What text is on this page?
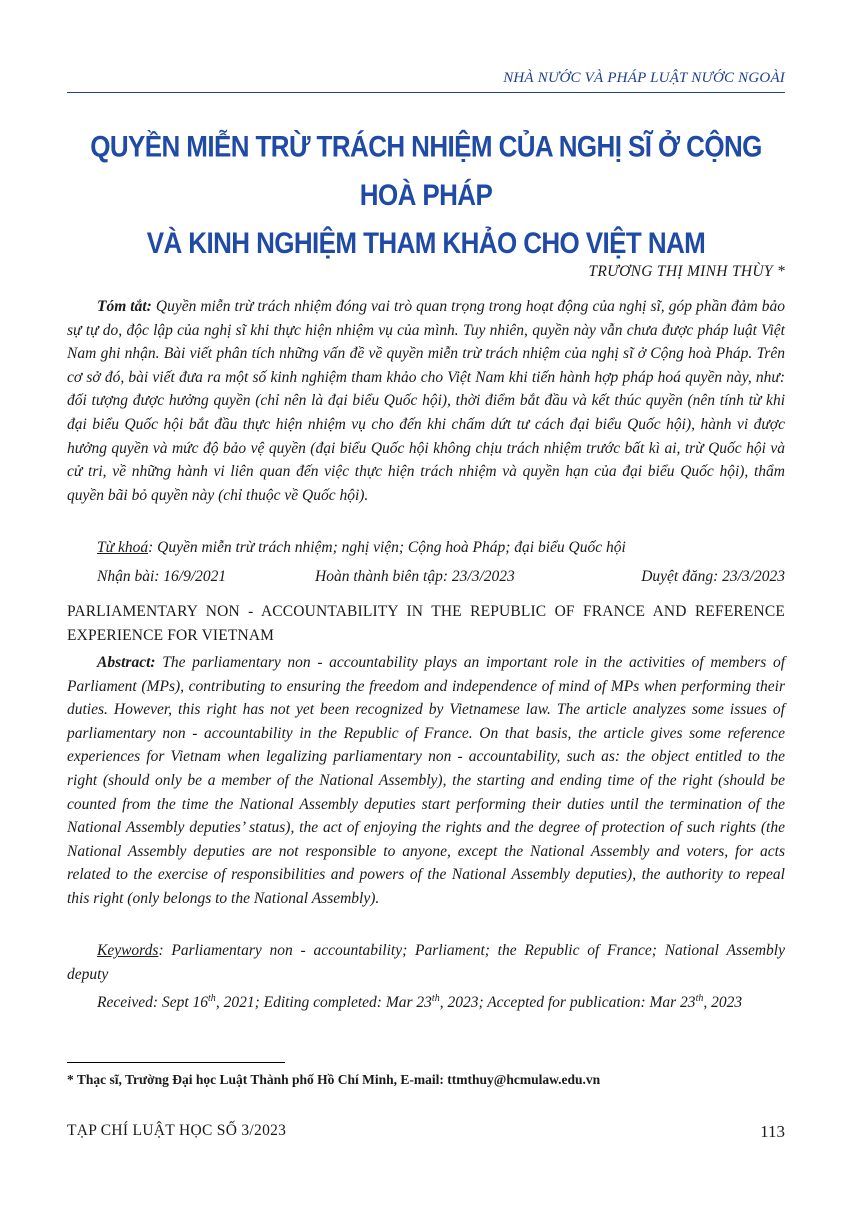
NHÀ NƯỚC VÀ PHÁP LUẬT NƯỚC NGOÀI
QUYỀN MIỄN TRỪ TRÁCH NHIỆM CỦA NGHỊ SĨ Ở CỘNG HOÀ PHÁP
VÀ KINH NGHIỆM THAM KHẢO CHO VIỆT NAM
TRƯƠNG THỊ MINH THÙY *
Tóm tắt: Quyền miễn trừ trách nhiệm đóng vai trò quan trọng trong hoạt động của nghị sĩ, góp phần đảm bảo sự tự do, độc lập của nghị sĩ khi thực hiện nhiệm vụ của mình. Tuy nhiên, quyền này vẫn chưa được pháp luật Việt Nam ghi nhận. Bài viết phân tích những vấn đề về quyền miễn trừ trách nhiệm của nghị sĩ ở Cộng hoà Pháp. Trên cơ sở đó, bài viết đưa ra một số kinh nghiệm tham khảo cho Việt Nam khi tiến hành hợp pháp hoá quyền này, như: đối tượng được hưởng quyền (chỉ nên là đại biểu Quốc hội), thời điểm bắt đầu và kết thúc quyền (nên tính từ khi đại biểu Quốc hội bắt đầu thực hiện nhiệm vụ cho đến khi chấm dứt tư cách đại biểu Quốc hội), hành vi được hưởng quyền và mức độ bảo vệ quyền (đại biểu Quốc hội không chịu trách nhiệm trước bất kì ai, trừ Quốc hội và cử tri, về những hành vi liên quan đến việc thực hiện trách nhiệm và quyền hạn của đại biểu Quốc hội), thẩm quyền bãi bỏ quyền này (chỉ thuộc về Quốc hội).
Từ khoá: Quyền miễn trừ trách nhiệm; nghị viện; Cộng hoà Pháp; đại biểu Quốc hội
Nhận bài: 16/9/2021	Hoàn thành biên tập: 23/3/2023	Duyệt đăng: 23/3/2023
PARLIAMENTARY NON - ACCOUNTABILITY IN THE REPUBLIC OF FRANCE AND REFERENCE EXPERIENCE FOR VIETNAM
Abstract: The parliamentary non - accountability plays an important role in the activities of members of Parliament (MPs), contributing to ensuring the freedom and independence of mind of MPs when performing their duties. However, this right has not yet been recognized by Vietnamese law. The article analyzes some issues of parliamentary non - accountability in the Republic of France. On that basis, the article gives some reference experiences for Vietnam when legalizing parliamentary non - accountability, such as: the object entitled to the right (should only be a member of the National Assembly), the starting and ending time of the right (should be counted from the time the National Assembly deputies start performing their duties until the termination of the National Assembly deputies’ status), the act of enjoying the rights and the degree of protection of such rights (the National Assembly deputies are not responsible to anyone, except the National Assembly and voters, for acts related to the exercise of responsibilities and powers of the National Assembly deputies), the authority to repeal this right (only belongs to the National Assembly).
Keywords: Parliamentary non - accountability; Parliament; the Republic of France; National Assembly deputy
Received: Sept 16th, 2021; Editing completed: Mar 23th, 2023; Accepted for publication: Mar 23th, 2023
* Thạc sĩ, Trường Đại học Luật Thành phố Hồ Chí Minh, E-mail: ttmthuy@hcmulaw.edu.vn
TẠP CHÍ LUẬT HỌC SỐ 3/2023	113
